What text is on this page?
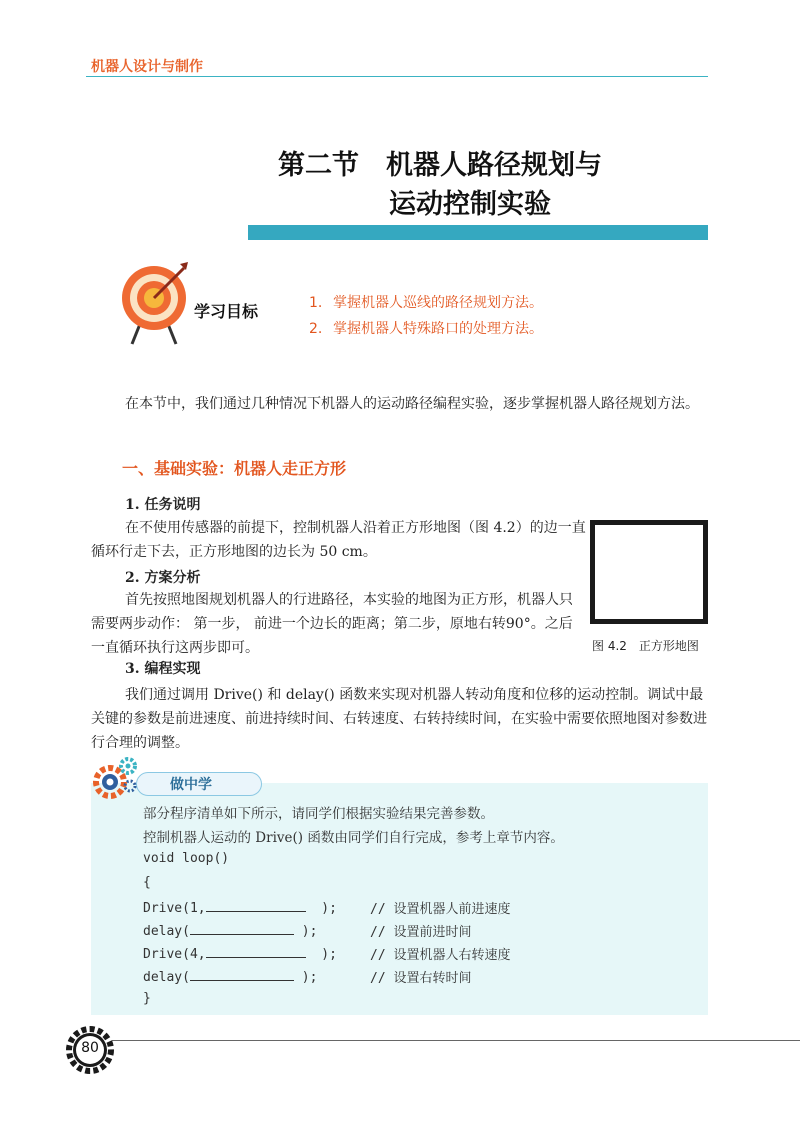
机器人设计与制作
第二节　机器人路径规划与
运动控制实验
学习目标	1. 掌握机器人巡线的路径规划方法。
2. 掌握机器人特殊路口的处理方法。
在本节中，我们通过几种情况下机器人的运动路径编程实验，逐步掌握机器人路径规划方法。
一、基础实验：机器人走正方形
1. 任务说明
在不使用传感器的前提下，控制机器人沿着正方形地图（图 4.2）的边一直循环行走下去，正方形地图的边长为 50 cm。
2. 方案分析
首先按照地图规划机器人的行进路径，本实验的地图为正方形，机器人只需要两步动作： 第一步， 前进一个边长的距离；第二步，原地右转90°。之后一直循环执行这两步即可。
3. 编程实现
我们通过调用 Drive() 和 delay() 函数来实现对机器人转动角度和位移的运动控制。调试中最关键的参数是前进速度、前进持续时间、右转速度、右转持续时间，在实验中需要依照地图对参数进行合理的调整。
图 4.2　正方形地图
做中学
部分程序清单如下所示，请同学们根据实验结果完善参数。
控制机器人运动的 Drive() 函数由同学们自行完成，参考上章节内容。
void loop()
{
Drive(1,	);	// 设置机器人前进速度
delay(	);	// 设置前进时间
Drive(4,	);	// 设置机器人右转速度
delay(	);	// 设置右转时间
}
80
